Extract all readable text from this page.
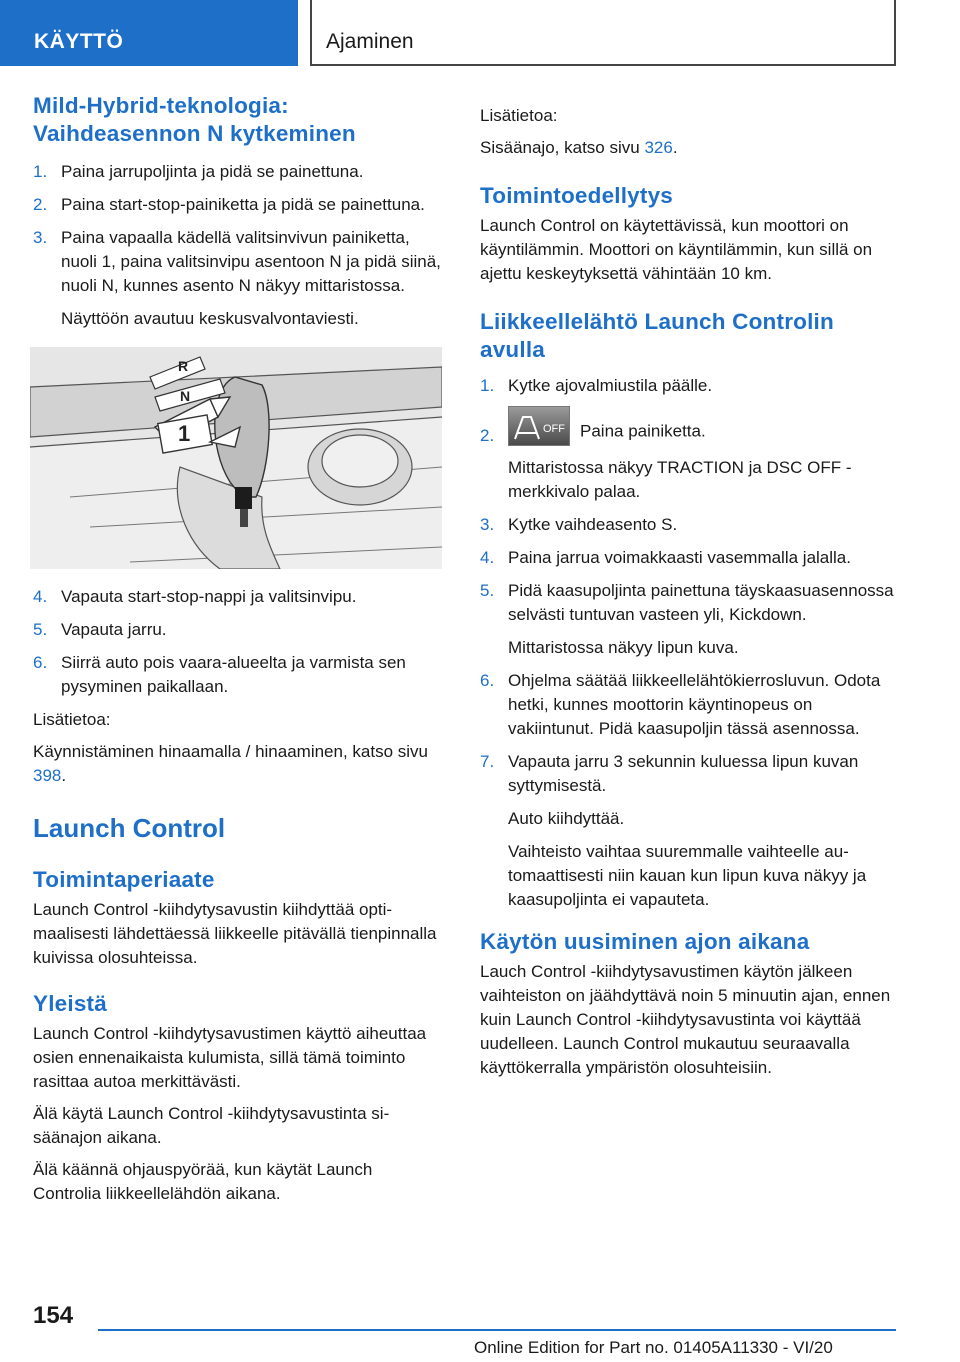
KÄYTTÖ	Ajaminen
Mild-Hybrid-teknologia: Vaihdeasennon N kytkeminen
1. Paina jarrupoljinta ja pidä se painettuna.
2. Paina start-stop-painiketta ja pidä se painettuna.
3. Paina vapaalla kädellä valitsinvivun painiketta, nuoli 1, paina valitsinvipu asentoon N ja pidä siinä, nuoli N, kunnes asento N näkyy mittaristossa.
Näyttöön avautuu keskusvalvontaviesti.
R
N
1
4. Vapauta start-stop-nappi ja valitsinvipu.
5. Vapauta jarru.
6. Siirrä auto pois vaara-alueelta ja varmista sen pysyminen paikallaan.

Lisätietoa:

Käynnistäminen hinaamalla / hinaaminen, katso sivu 398.

Launch Control
Toimintaperiaate

Launch Control -kiihdytysavustin kiihdyttää optimaalisesti lähdettäessä liikkeelle pitävällä tienpinnalla kuivissa olosuhteissa.

Yleistä

Launch Control -kiihdytysavustimen käyttö aiheuttaa osien ennenaikaista kulumista, sillä tämä toiminto rasittaa autoa merkittävästi.

Älä käytä Launch Control -kiihdytysavustinta sisäänajon aikana.

Älä käännä ohjauspyörää, kun käytät Launch Controlia liikkeellelähdön aikana.

Lisätietoa:

Sisäänajo, katso sivu 326.

Toimintoedellytys

Launch Control on käytettävissä, kun moottori on käyntilämmin. Moottori on käyntilämmin, kun sillä on ajettu keskeytyksettä vähintään 10 km.

Liikkeellelähtö Launch Controlin avulla
1. Kytke ajovalmiustila päälle.
2.	OFF Paina painiketta.
Mittaristossa näkyy TRACTION ja DSC OFF -merkkivalo palaa.
3. Kytke vaihdeasento S.
4. Paina jarrua voimakkaasti vasemmalla jalalla.
5. Pidä kaasupoljinta painettuna täyskaasuasennossa selvästi tuntuvan vasteen yli, Kickdown.
Mittaristossa näkyy lipun kuva.
6. Ohjelma säätää liikkeellelähtökierrosluvun. Odota hetki, kunnes moottorin käyntinopeus on vakiintunut. Pidä kaasupoljin tässä asennossa.
7. Vapauta jarru 3 sekunnin kuluessa lipun kuvan syttymisestä.
Auto kiihdyttää.
Vaihteisto vaihtaa suuremmalle vaihteelle automaattisesti niin kauan kun lipun kuva näkyy ja kaasupoljinta ei vapauteta.
Käytön uusiminen ajon aikana

Lauch Control -kiihdytysavustimen käytön jälkeen vaihteiston on jäähdyttävä noin 5 minuutin ajan, ennen kuin Launch Control -kiihdytysavustinta voi käyttää uudelleen. Launch Control mukautuu seuraavalla käyttökerralla ympäristön olosuhteisiin.

154
Online Edition for Part no. 01405A11330 - VI/20
